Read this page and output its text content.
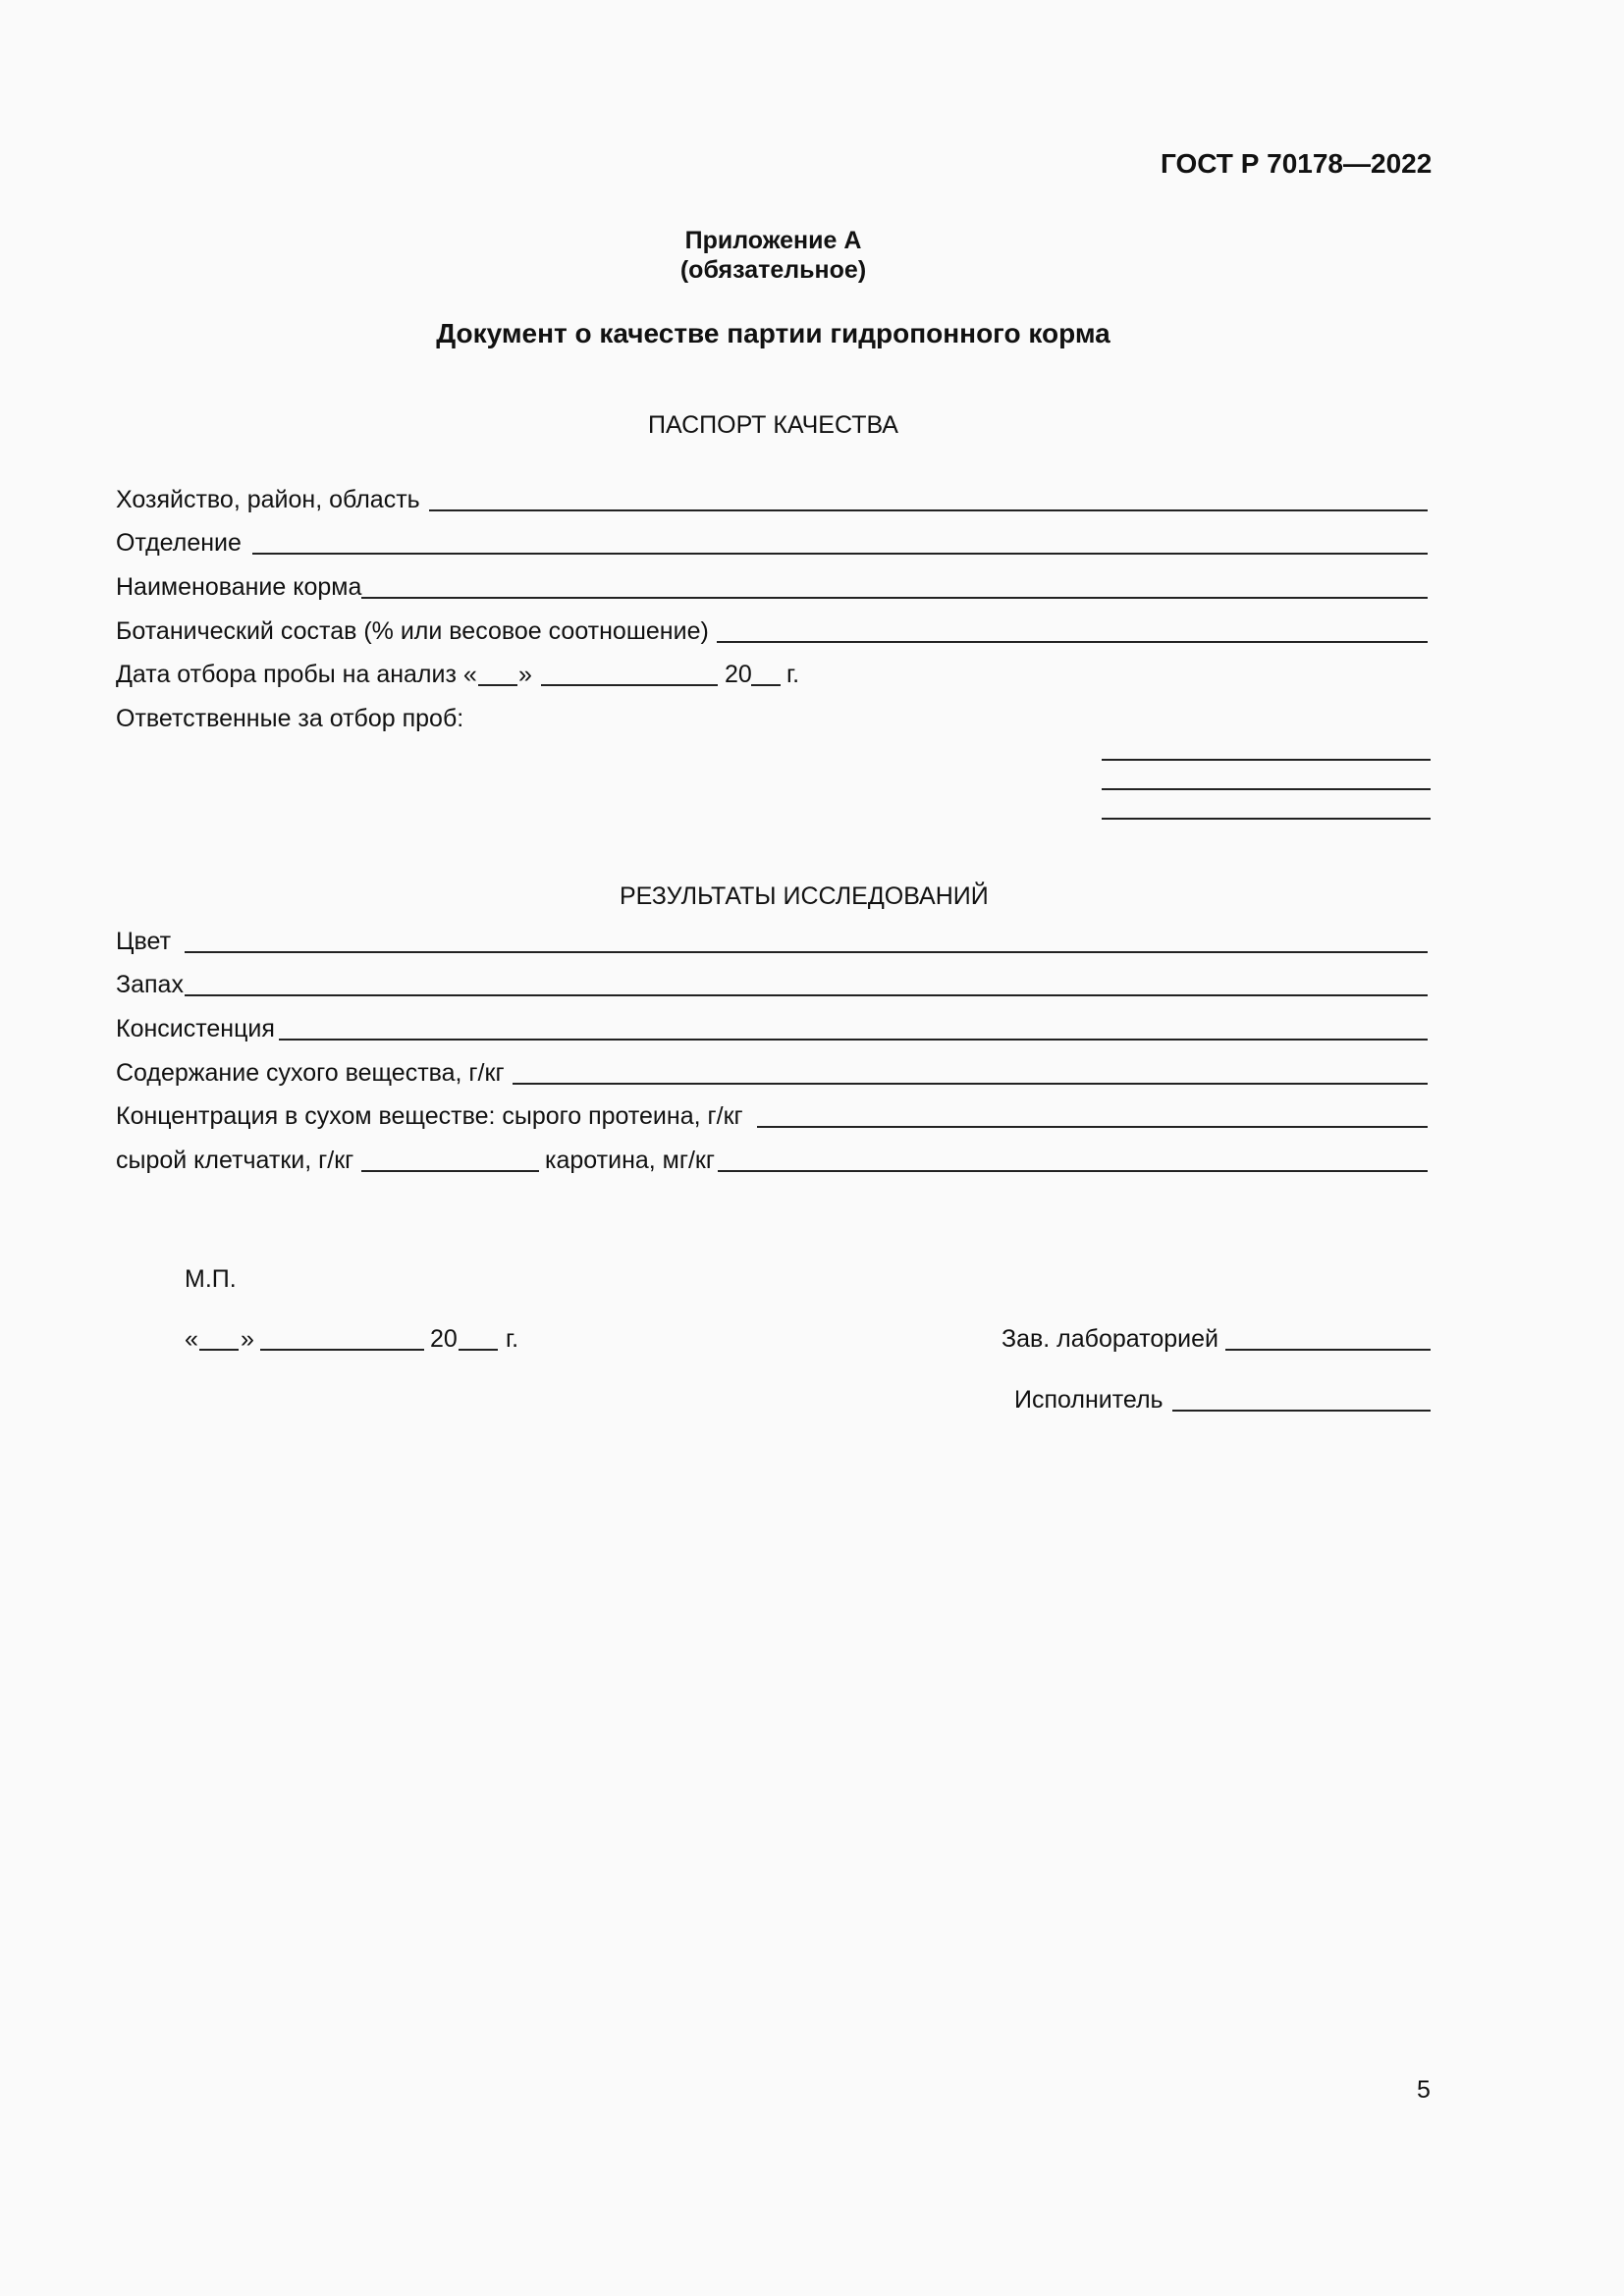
ГОСТ Р 70178—2022
Приложение А
(обязательное)
Документ о качестве партии гидропонного корма
ПАСПОРТ КАЧЕСТВА
Хозяйство, район, область
Отделение
Наименование корма
Ботанический состав (% или весовое соотношение)
Дата отбора пробы на анализ « »	20 г.
Ответственные за отбор проб:
РЕЗУЛЬТАТЫ ИССЛЕДОВАНИЙ
Цвет
Запах
Консистенция
Содержание сухого вещества, г/кг
Концентрация в сухом веществе: сырого протеина, г/кг
сырой клетчатки, г/кг	каротина, мг/кг
М.П.
« »	20 г.	Зав. лабораторией
Исполнитель
5
